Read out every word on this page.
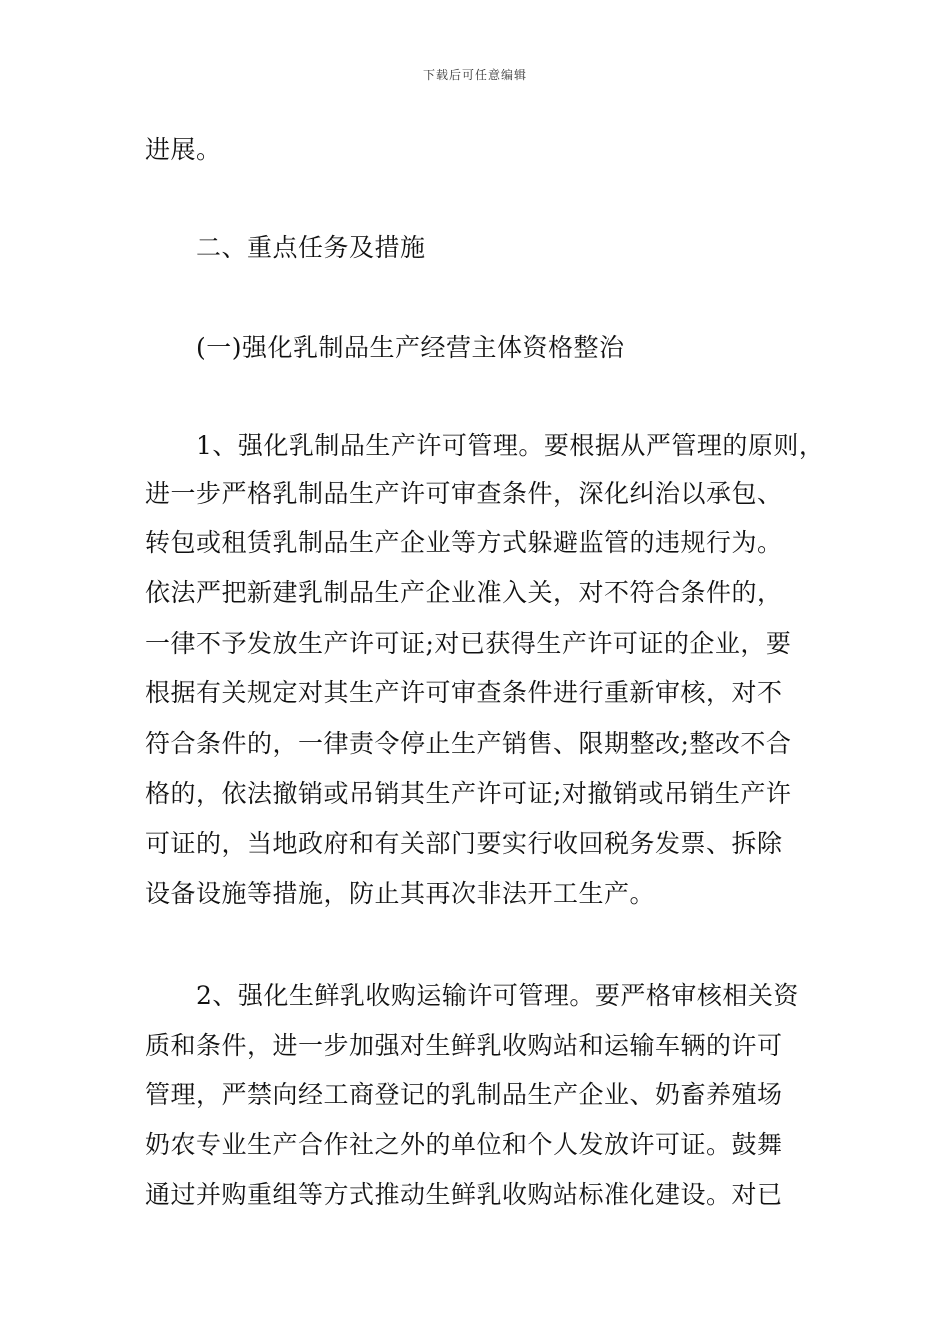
下载后可任意编辑
进展。
二、重点任务及措施
(一)强化乳制品生产经营主体资格整治
1、强化乳制品生产许可管理。要根据从严管理的原则，
进一步严格乳制品生产许可审查条件，深化纠治以承包、
转包或租赁乳制品生产企业等方式躲避监管的违规行为。
依法严把新建乳制品生产企业准入关，对不符合条件的，
一律不予发放生产许可证;对已获得生产许可证的企业，要
根据有关规定对其生产许可审查条件进行重新审核，对不
符合条件的，一律责令停止生产销售、限期整改;整改不合
格的，依法撤销或吊销其生产许可证;对撤销或吊销生产许
可证的，当地政府和有关部门要实行收回税务发票、拆除
设备设施等措施，防止其再次非法开工生产。
2、强化生鲜乳收购运输许可管理。要严格审核相关资
质和条件，进一步加强对生鲜乳收购站和运输车辆的许可
管理，严禁向经工商登记的乳制品生产企业、奶畜养殖场
奶农专业生产合作社之外的单位和个人发放许可证。鼓舞
通过并购重组等方式推动生鲜乳收购站标准化建设。对已
